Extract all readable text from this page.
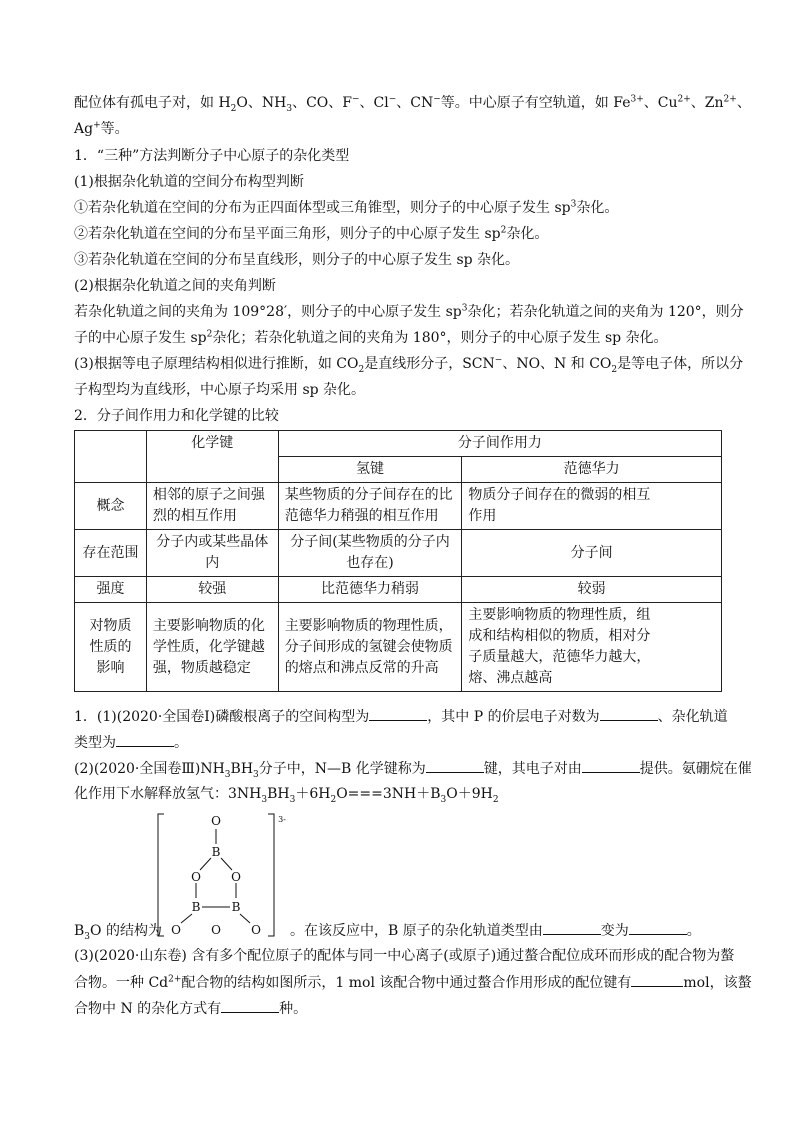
配位体有孤电子对，如 $H_2O$、$NH_3$、CO、F−、Cl−、CN−等。中心原子有空轨道，如 $Fe^{3+}$、$Cu^{2+}$、$Zn^{2+}$、
Ag+等。
1．“三种”方法判断分子中心原子的杂化类型
(1)根据杂化轨道的空间分布构型判断
①若杂化轨道在空间的分布为正四面体型或三角锥型，则分子的中心原子发生 $sp^3$杂化。
②若杂化轨道在空间的分布呈平面三角形，则分子的中心原子发生 $sp^2$杂化。
③若杂化轨道在空间的分布呈直线形，则分子的中心原子发生 sp 杂化。
(2)根据杂化轨道之间的夹角判断
若杂化轨道之间的夹角为 109°28′，则分子的中心原子发生 $sp^3$杂化；若杂化轨道之间的夹角为 120°，则分
子的中心原子发生 $sp^2$杂化；若杂化轨道之间的夹角为 180°，则分子的中心原子发生 sp 杂化。
(3)根据等电子原理结构相似进行推断，如 $CO_2$是直线形分子，SCN−、NO、N 和 $CO_2$是等电子体，所以分
子构型均为直线形，中心原子均采用 sp 杂化。
2．分子间作用力和化学键的比较
	化学键	分子间作用力	
		氢键	范德华力
概念	相邻的原子之间强烈的相互作用	某些物质的分子间存在的比范德华力稍强的相互作用	物质分子间存在的微弱的相互作用
存在范围	分子内或某些晶体内	分子间(某些物质的分子内也存在)	分子间
强度	较强	比范德华力稍弱	较弱
对物质性质的影响	主要影响物质的化学性质，化学键越强，物质越稳定	主要影响物质的物理性质，分子间形成的氢键会使物质的熔点和沸点反常的升高	主要影响物质的物理性质，组成和结构相似的物质，相对分子质量越大，范德华力越大，熔、沸点越高
1．(1)(2020·全国卷Ⅰ)磷酸根离子的空间构型为	，其中 P 的价层电子对数为	、杂化轨道
类型为	。
(2)(2020·全国卷$Ⅲ)NH_3BH_3$分子中，N—B 化学键称为	键，其电子对由	提供。氨硼烷在催
化作用下水解释放氢气：$3NH_3BH_3+6H_2O===3NH+B_3O+9H_2$
O
B
O	O
B	B
O	O	O
3-
$B_3O$ 的结构为	。在该反应中，B 原子的杂化轨道类型由	变为	。
(3)(2020·山东卷) 含有多个配位原子的配体与同一中心离子(或原子)通过螯合配位成环而形成的配合物为螯
合物。一种 $Cd^{2+}$配合物的结构如图所示，1 mol 该配合物中通过螯合作用形成的配位键有	mol，该螯
合物中 N 的杂化方式有	种。
